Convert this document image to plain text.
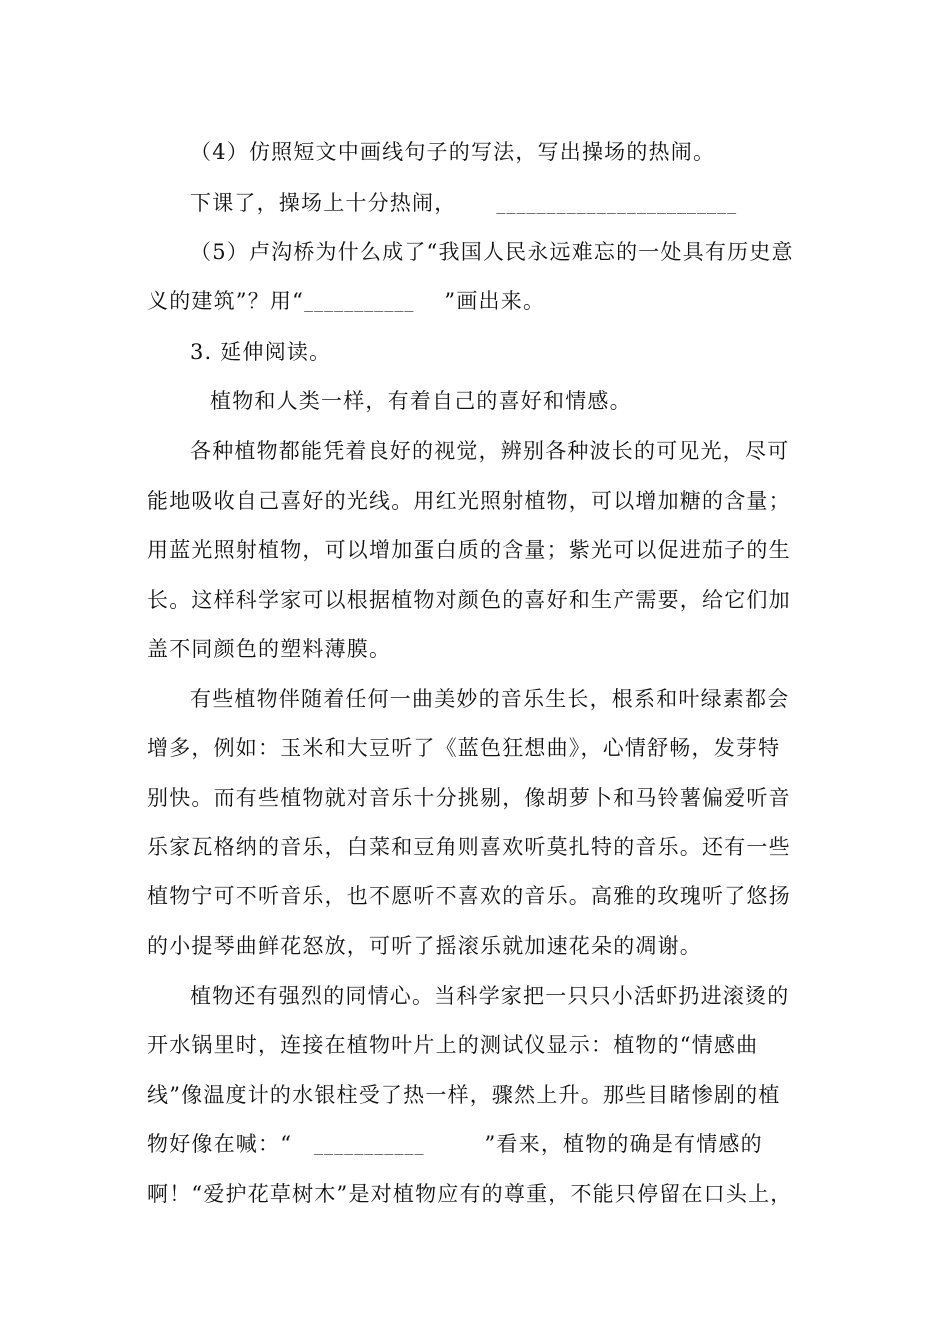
（4）仿照短文中画线句子的写法，写出操场的热闹。
下课了，操场上十分热闹，	________________________
（5）卢沟桥为什么成了“我国人民永远难忘的一处具有历史意
义的建筑”？用“___________ ”画出来。
3. 延伸阅读。
植物和人类一样，有着自己的喜好和情感。
各种植物都能凭着良好的视觉，辨别各种波长的可见光，尽可
能地吸收自己喜好的光线。用红光照射植物，可以增加糖的含量；
用蓝光照射植物，可以增加蛋白质的含量；紫光可以促进茄子的生
长。这样科学家可以根据植物对颜色的喜好和生产需要，给它们加
盖不同颜色的塑料薄膜。
有些植物伴随着任何一曲美妙的音乐生长，根系和叶绿素都会
增多，例如：玉米和大豆听了《蓝色狂想曲》，心情舒畅，发芽特
别快。而有些植物就对音乐十分挑剔，像胡萝卜和马铃薯偏爱听音
乐家瓦格纳的音乐，白菜和豆角则喜欢听莫扎特的音乐。还有一些
植物宁可不听音乐，也不愿听不喜欢的音乐。高雅的玫瑰听了悠扬
的小提琴曲鲜花怒放，可听了摇滚乐就加速花朵的凋谢。
植物还有强烈的同情心。当科学家把一只只小活虾扔进滚烫的
开水锅里时，连接在植物叶片上的测试仪显示：植物的“情感曲
线”像温度计的水银柱受了热一样，骤然上升。那些目睹惨剧的植
物好像在喊：“ ___________	”看来，植物的确是有情感的
啊！“爱护花草树木”是对植物应有的尊重，不能只停留在口头上，
